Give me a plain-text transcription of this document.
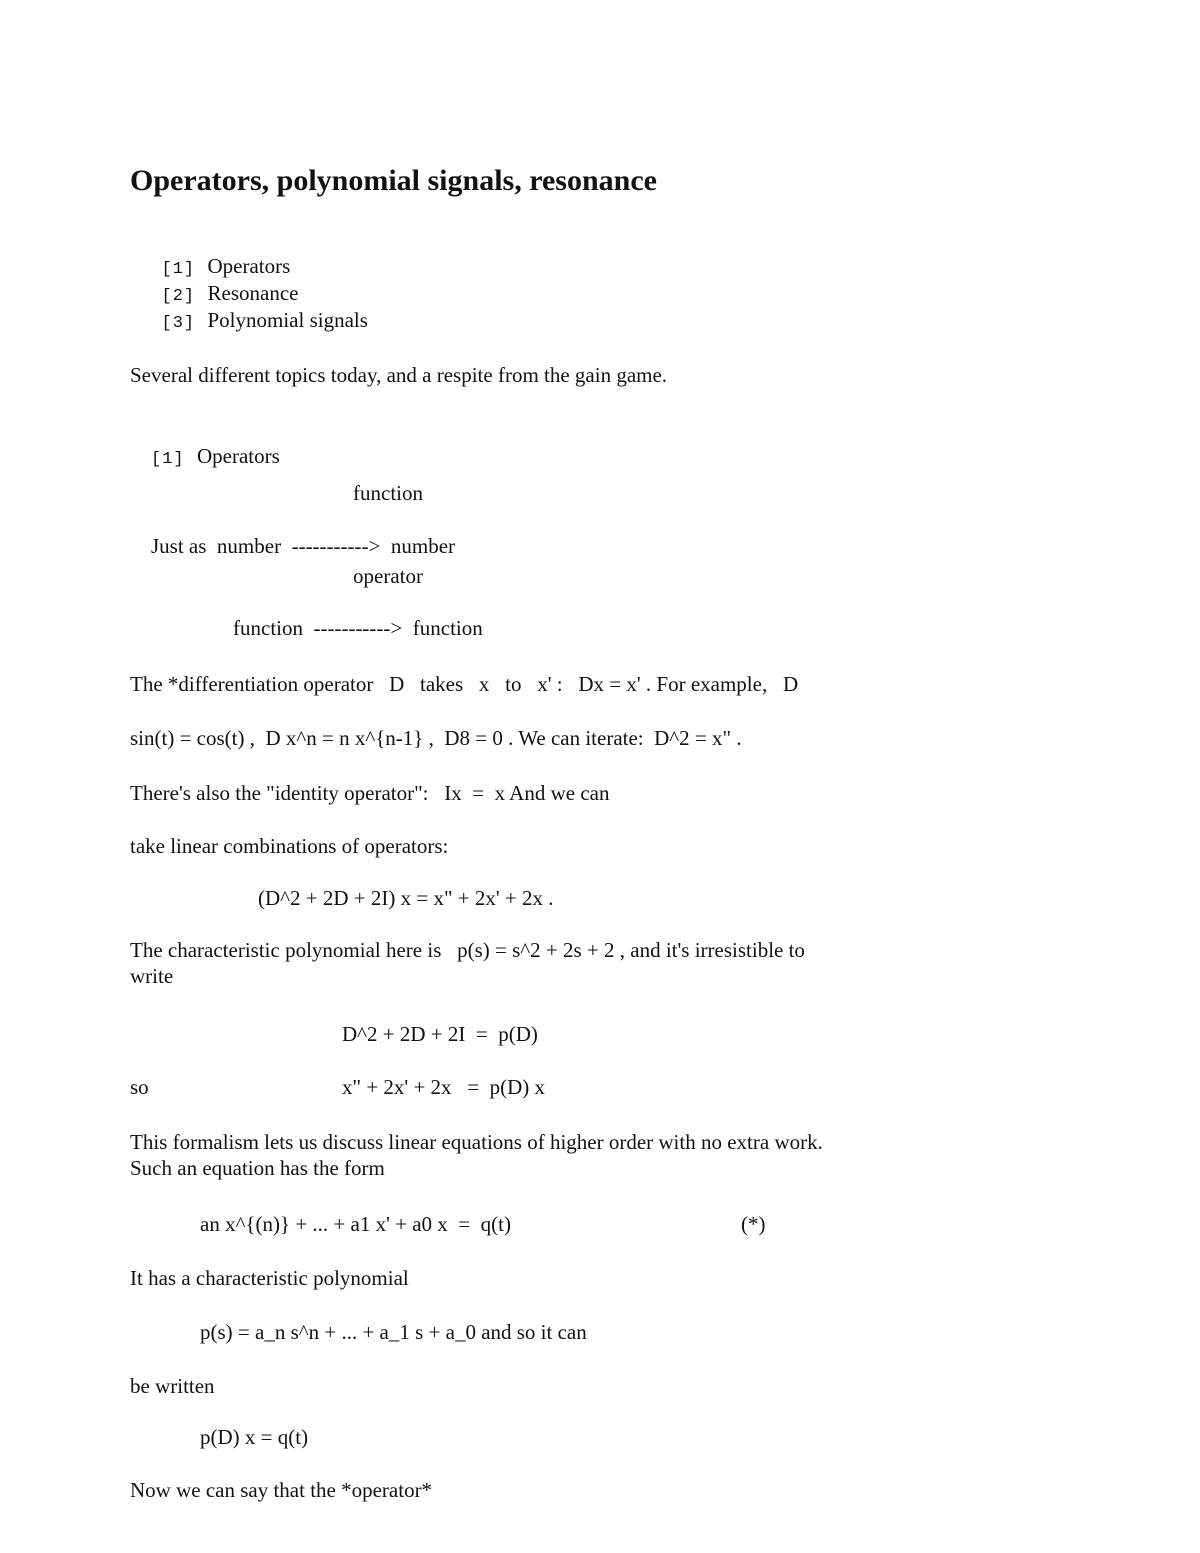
Operators, polynomial signals, resonance

[1] Operators

[2] Resonance

[3] Polynomial signals

Several different topics today, and a respite from the gain game.

[1] Operators

function

Just as  number -----------> number

operator

function -----------> function

The *differentiation operator   D   takes   x   to   x' :   Dx = x' . For example,   D
sin(t) = cos(t) ,  D x^n = n x^{n-1} ,  D8 = 0 . We can iterate:  D^2 = x" .
There's also the "identity operator":   Ix  =  x And we can
take linear combinations of operators:
(D^2 + 2D + 2I) x = x" + 2x' + 2x .
The characteristic polynomial here is   p(s) = s^2 + 2s + 2 , and it's irresistible to
write
D^2 + 2D + 2I  =  p(D)
so	x" + 2x' + 2x   =  p(D) x
This formalism lets us discuss linear equations of higher order with no extra work.
Such an equation has the form
an x^{(n)} + ... + a1 x' + a0 x  =  q(t)	(*)
It has a characteristic polynomial
p(s) = a_n s^n + ... + a_1 s + a_0 and so it can
be written
p(D) x = q(t)
Now we can say that the *operator*
